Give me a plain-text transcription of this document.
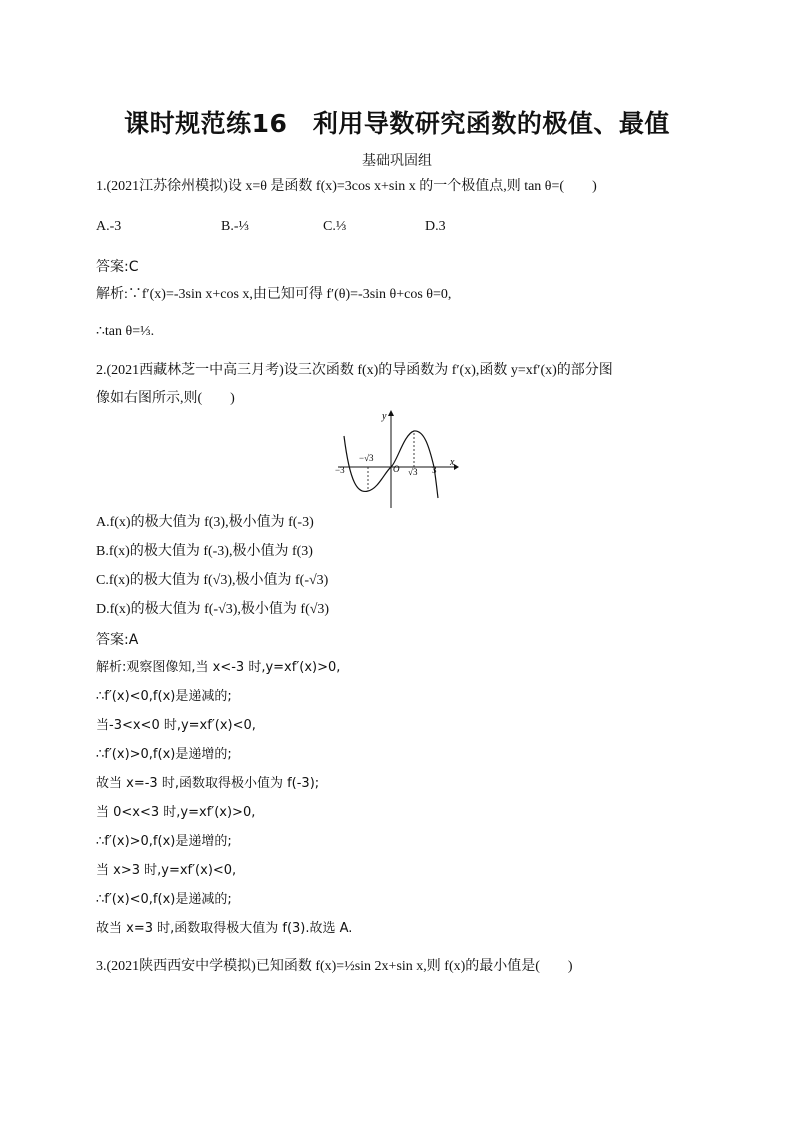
课时规范练16　利用导数研究函数的极值、最值
基础巩固组
1.(2021江苏徐州模拟)设 x=θ 是函数 f(x)=3cos x+sin x 的一个极值点,则 tan θ=(　　)
A.-3	B.-⅓	C.⅓	D.3
答案:C
解析:∵f′(x)=-3sin x+cos x,由已知可得 f′(θ)=-3sin θ+cos θ=0,
∴tan θ=⅓.
2.(2021西藏林芝一中高三月考)设三次函数 f(x)的导函数为 f′(x),函数 y=xf′(x)的部分图
像如右图所示,则(　　)
y
x
O
−3
−√3
√3 3
A.f(x)的极大值为 f(3),极小值为 f(-3)
B.f(x)的极大值为 f(-3),极小值为 f(3)
C.f(x)的极大值为 f(√3),极小值为 f(-√3)
D.f(x)的极大值为 f(-√3),极小值为 f(√3)
答案:A
解析:观察图像知,当 x<-3 时,y=xf′(x)>0,
∴f′(x)<0,f(x)是递减的;
当-3<x<0 时,y=xf′(x)<0,
∴f′(x)>0,f(x)是递增的;
故当 x=-3 时,函数取得极小值为 f(-3);
当 0<x<3 时,y=xf′(x)>0,
∴f′(x)>0,f(x)是递增的;
当 x>3 时,y=xf′(x)<0,
∴f′(x)<0,f(x)是递减的;
故当 x=3 时,函数取得极大值为 f(3).故选 A.
3.(2021陕西西安中学模拟)已知函数 f(x)=½sin 2x+sin x,则 f(x)的最小值是(　　)
